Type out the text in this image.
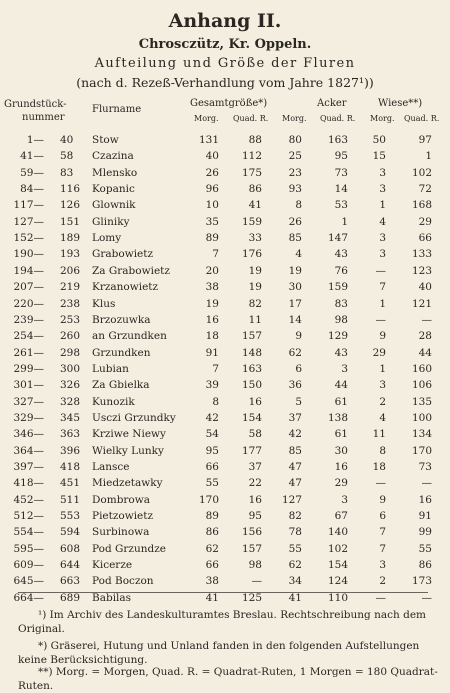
Anhang II.
Chrosczütz, Kr. Oppeln.
Aufteilung und Größe der Fluren
(nach d. Rezeß-Verhandlung vom Jahre 1827¹))
Grundstück-
nummer
Flurname
Gesamtgröße*)	Acker	Wiese**)
Morg. Quad. R. Morg. Quad. R. Morg. Quad. R.
1— 40 Stow	131	88	80	163	50	97
41— 58 Czazina	40	112	25	95	15	1
59— 83 Mlensko	26	175	23	73	3	102
84— 116 Kopanic	96	86	93	14	3	72
117— 126 Glownik	10	41	8	53	1	168
127— 151 Gliniky	35	159	26	1	4	29
152— 189 Lomy	89	33	85	147	3	66
190— 193 Grabowietz	7	176	4	43	3	133
194— 206 Za Grabowietz	20	19	19	76	—	123
207— 219 Krzanowietz	38	19	30	159	7	40
220— 238 Klus	19	82	17	83	1	121
239— 253 Brzozuwka	16	11	14	98	—	—
254— 260 an Grzundken	18	157	9	129	9	28
261— 298 Grzundken	91	148	62	43	29	44
299— 300 Lubian	7	163	6	3	1	160
301— 326 Za Gbielka	39	150	36	44	3	106
327— 328 Kunozik	8	16	5	61	2	135
329— 345 Usczi Grzundky	42	154	37	138	4	100
346— 363 Krziwe Niewy	54	58	42	61	11	134
364— 396 Wielky Lunky	95	177	85	30	8	170
397— 418 Lansce	66	37	47	16	18	73
418— 451 Miedzetawky	55	22	47	29	—	—
452— 511 Dombrowa	170	16	127	3	9	16
512— 553 Pietzowietz	89	95	82	67	6	91
554— 594 Surbinowa	86	156	78	140	7	99
595— 608 Pod Grzundze	62	157	55	102	7	55
609— 644 Kicerze	66	98	62	154	3	86
645— 663 Pod Boczon	38	—	34	124	2	173
664— 689 Babilas	41	125	41	110	—	—
¹) Im Archiv des Landeskulturamtes Breslau. Rechtschreibung nach dem Original.
*) Gräserei, Hutung und Unland fanden in den folgenden Aufstellungen keine Berücksichtigung.
**) Morg. = Morgen, Quad. R. = Quadrat-Ruten, 1 Morgen = 180 Quadrat-Ruten.
